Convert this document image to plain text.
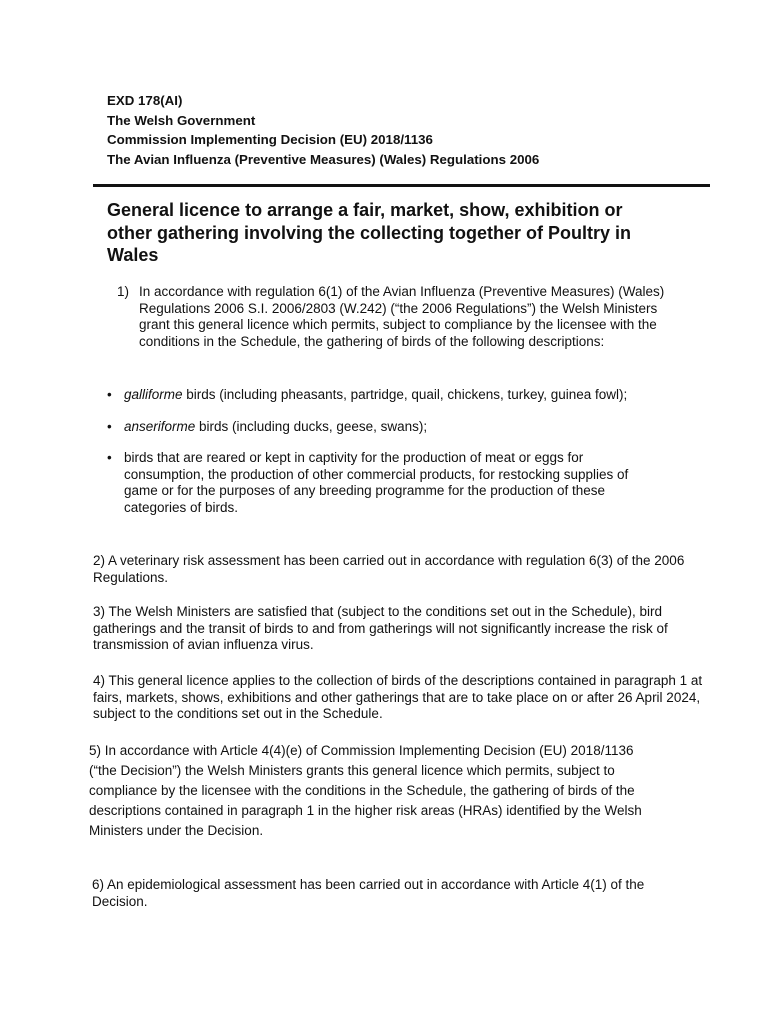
EXD 178(AI)
The Welsh Government
Commission Implementing Decision (EU) 2018/1136
The Avian Influenza (Preventive Measures) (Wales) Regulations 2006
General licence to arrange a fair, market, show, exhibition or other gathering involving the collecting together of Poultry in Wales
1) In accordance with regulation 6(1) of the Avian Influenza (Preventive Measures) (Wales) Regulations 2006 S.I. 2006/2803 (W.242) (“the 2006 Regulations”) the Welsh Ministers grant this general licence which permits, subject to compliance by the licensee with the conditions in the Schedule, the gathering of birds of the following descriptions:
• galliforme birds (including pheasants, partridge, quail, chickens, turkey, guinea fowl);
• anseriforme birds (including ducks, geese, swans);
• birds that are reared or kept in captivity for the production of meat or eggs for consumption, the production of other commercial products, for restocking supplies of game or for the purposes of any breeding programme for the production of these categories of birds.
2) A veterinary risk assessment has been carried out in accordance with regulation 6(3) of the 2006 Regulations.
3) The Welsh Ministers are satisfied that (subject to the conditions set out in the Schedule), bird gatherings and the transit of birds to and from gatherings will not significantly increase the risk of transmission of avian influenza virus.
4) This general licence applies to the collection of birds of the descriptions contained in paragraph 1 at fairs, markets, shows, exhibitions and other gatherings that are to take place on or after 26 April 2024, subject to the conditions set out in the Schedule.
5) In accordance with Article 4(4)(e) of Commission Implementing Decision (EU) 2018/1136 (“the Decision”) the Welsh Ministers grants this general licence which permits, subject to compliance by the licensee with the conditions in the Schedule, the gathering of birds of the descriptions contained in paragraph 1 in the higher risk areas (HRAs) identified by the Welsh Ministers under the Decision.
6) An epidemiological assessment has been carried out in accordance with Article 4(1) of the Decision.
